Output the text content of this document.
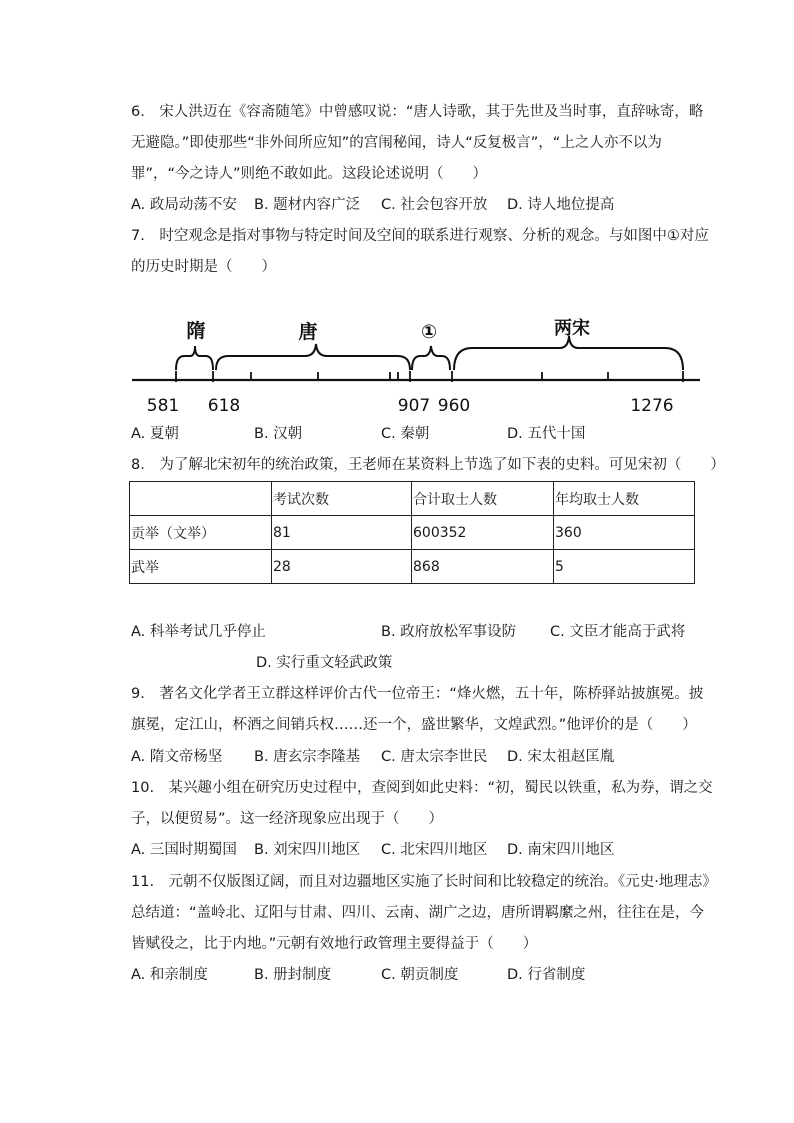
6.　宋人洪迈在《容斋随笔》中曾感叹说：“唐人诗歌，其于先世及当时事，直辞咏寄，略
无避隐。”即使那些“非外间所应知”的宫闱秘闻，诗人“反复极言”，“上之人亦不以为
罪”，“今之诗人”则绝不敢如此。这段论述说明（　　）
A. 政局动荡不安 B. 题材内容广泛 C. 社会包容开放 D. 诗人地位提高
7.　时空观念是指对事物与特定时间及空间的联系进行观察、分析的观念。与如图中①对应
的历史时期是（　　）
隋	唐	①	两宋
581 618	907 960	1276
A. 夏朝	B. 汉朝	C. 秦朝	D. 五代十国
8.　为了解北宋初年的统治政策，王老师在某资料上节选了如下表的史料。可见宋初（　　）
	考试次数	合计取士人数	年均取士人数
贡举（文举）	81	600352	360
武举	28	868	5
A. 科举考试几乎停止	B. 政府放松军事设防 C. 文臣才能高于武将
D. 实行重文轻武政策
9.　著名文化学者王立群这样评价古代一位帝王：“烽火燃，五十年，陈桥驿站披旗冕。披
旗冕，定江山，杯酒之间销兵权……还一个，盛世繁华，文煌武烈。”他评价的是（　　）
A. 隋文帝杨坚 B. 唐玄宗李隆基 C. 唐太宗李世民 D. 宋太祖赵匡胤
10.　某兴趣小组在研究历史过程中，查阅到如此史料：“初，蜀民以铁重，私为券，谓之交
子，以便贸易”。这一经济现象应出现于（　　）
A. 三国时期蜀国 B. 刘宋四川地区 C. 北宋四川地区 D. 南宋四川地区
11.　元朝不仅版图辽阔，而且对边疆地区实施了长时间和比较稳定的统治。《元史·地理志》
总结道：“盖岭北、辽阳与甘肃、四川、云南、湖广之边，唐所谓羁縻之州，往往在是，今
皆赋役之，比于内地。”元朝有效地行政管理主要得益于（　　）
A. 和亲制度	B. 册封制度	C. 朝贡制度	D. 行省制度
